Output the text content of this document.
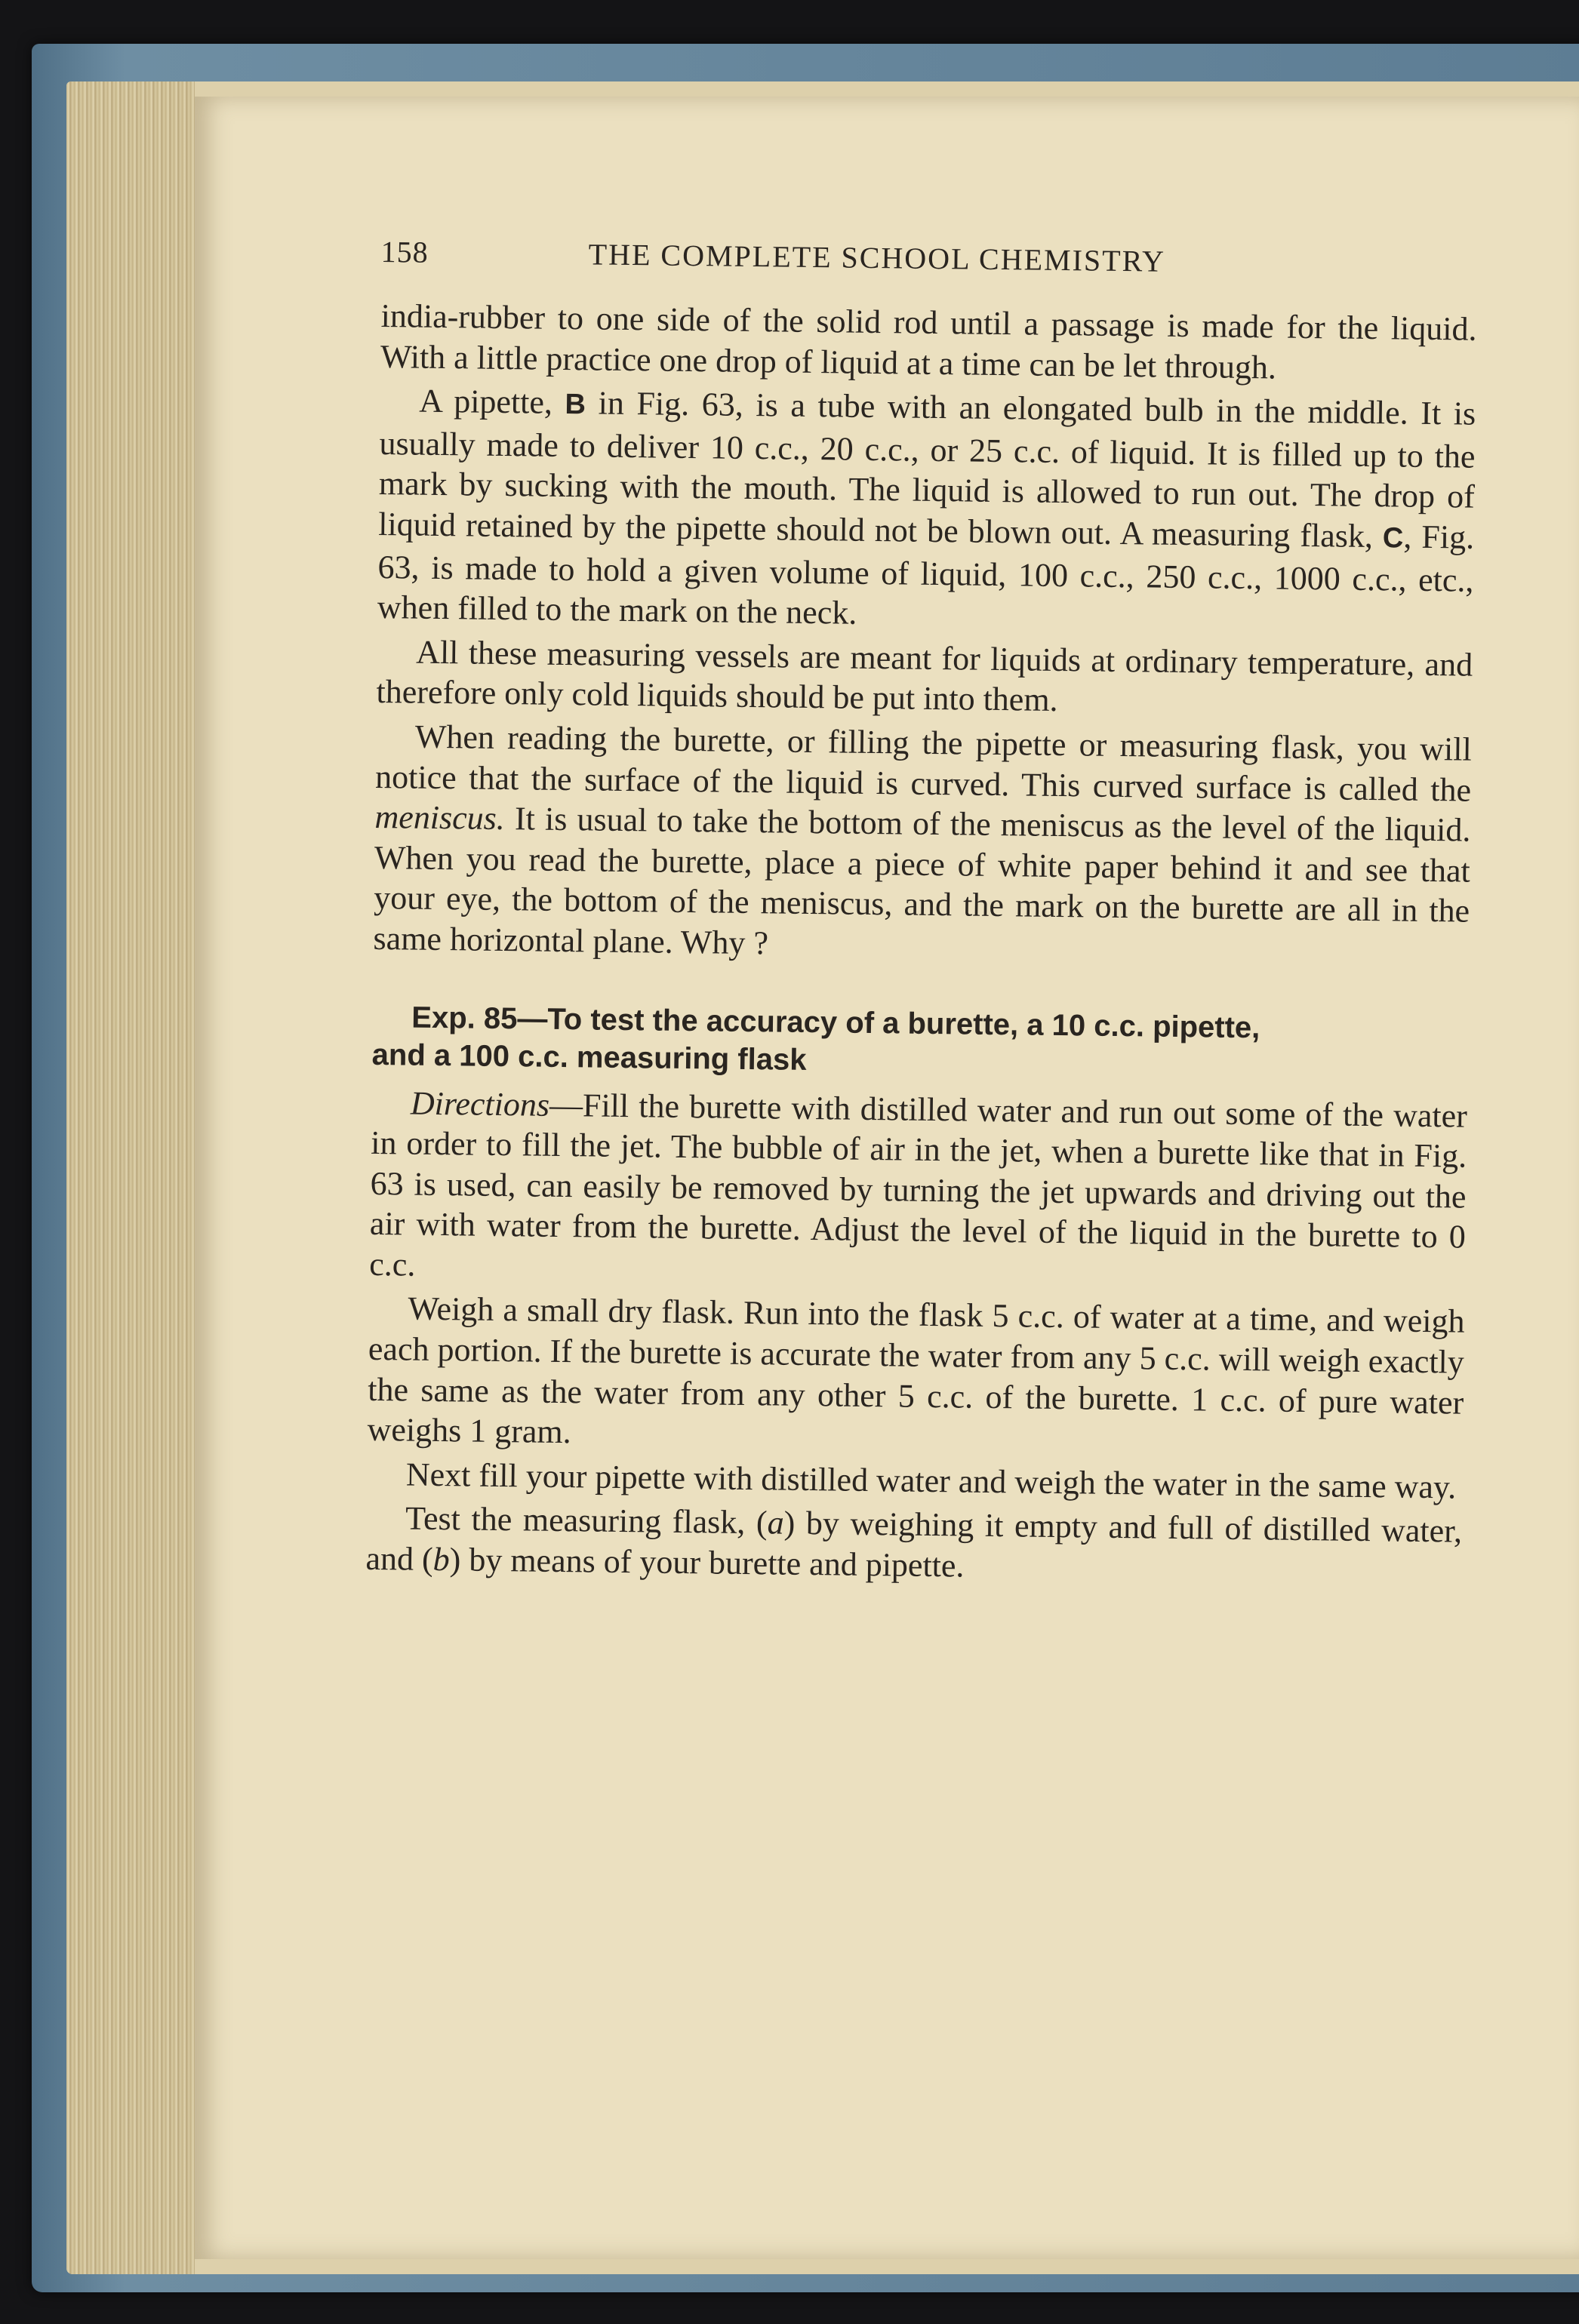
158	THE COMPLETE SCHOOL CHEMISTRY

india-rubber to one side of the solid rod until a passage is made for the liquid. With a little practice one drop of liquid at a time can be let through.

A pipette, B in Fig. 63, is a tube with an elongated bulb in the middle. It is usually made to deliver 10 c.c., 20 c.c., or 25 c.c. of liquid. It is filled up to the mark by sucking with the mouth. The liquid is allowed to run out. The drop of liquid retained by the pipette should not be blown out. A measuring flask, C, Fig. 63, is made to hold a given volume of liquid, 100 c.c., 250 c.c., 1000 c.c., etc., when filled to the mark on the neck.

All these measuring vessels are meant for liquids at ordinary temperature, and therefore only cold liquids should be put into them.

When reading the burette, or filling the pipette or measuring flask, you will notice that the surface of the liquid is curved. This curved surface is called the meniscus. It is usual to take the bottom of the meniscus as the level of the liquid. When you read the burette, place a piece of white paper behind it and see that your eye, the bottom of the meniscus, and the mark on the burette are all in the same horizontal plane. Why ?

Exp. 85—To test the accuracy of a burette, a 10 c.c. pipette,
and a 100 c.c. measuring flask

Directions—Fill the burette with distilled water and run out some of the water in order to fill the jet. The bubble of air in the jet, when a burette like that in Fig. 63 is used, can easily be removed by turning the jet upwards and driving out the air with water from the burette. Adjust the level of the liquid in the burette to 0 c.c.

Weigh a small dry flask. Run into the flask 5 c.c. of water at a time, and weigh each portion. If the burette is accurate the water from any 5 c.c. will weigh exactly the same as the water from any other 5 c.c. of the burette. 1 c.c. of pure water weighs 1 gram.

Next fill your pipette with distilled water and weigh the water in the same way.

Test the measuring flask, (a) by weighing it empty and full of distilled water, and (b) by means of your burette and pipette.
